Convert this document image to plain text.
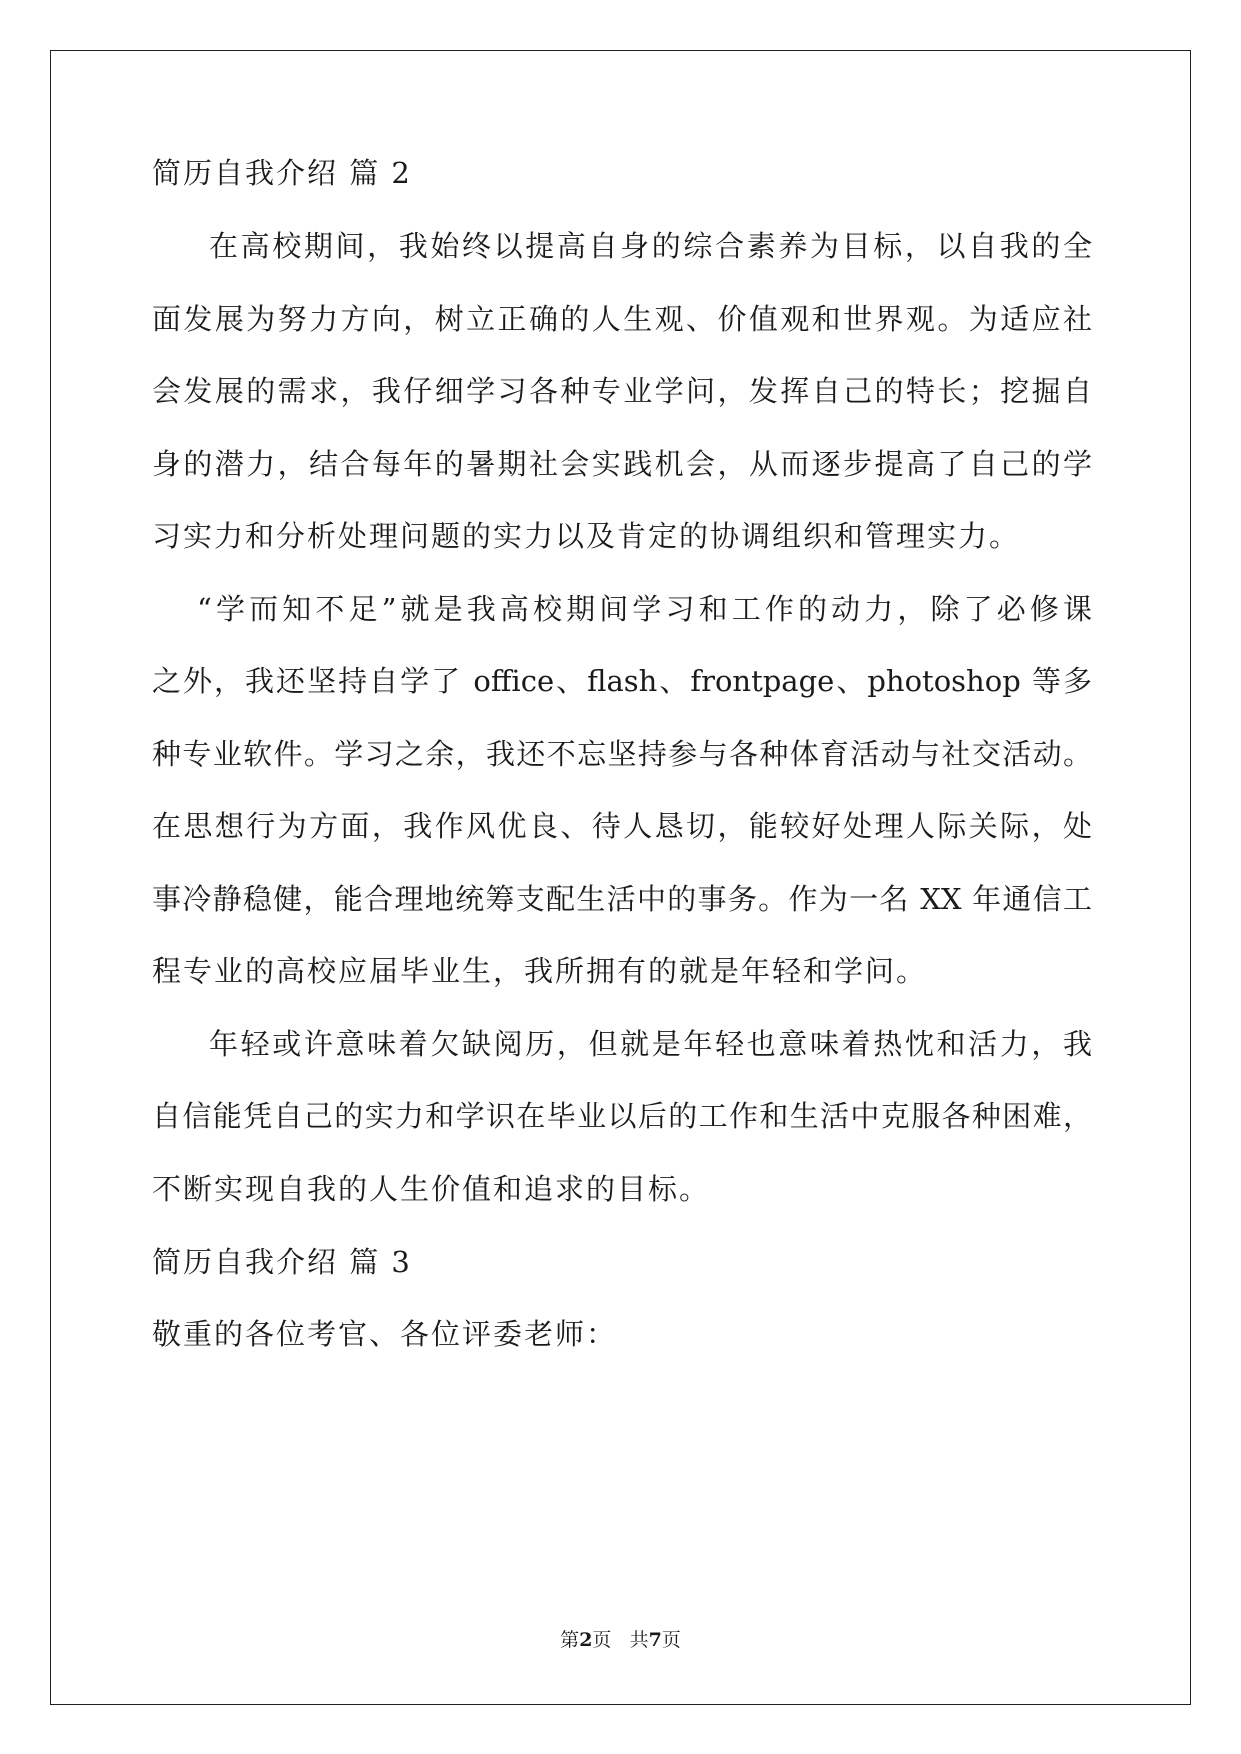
简历自我介绍 篇 2
在高校期间，我始终以提高自身的综合素养为目标，以自我的全
面发展为努力方向，树立正确的人生观、价值观和世界观。为适应社
会发展的需求，我仔细学习各种专业学问，发挥自己的特长；挖掘自
身的潜力，结合每年的暑期社会实践机会，从而逐步提高了自己的学
习实力和分析处理问题的实力以及肯定的协调组织和管理实力。
“学而知不足”就是我高校期间学习和工作的动力，除了必修课
之外，我还坚持自学了 office、flash、frontpage、photoshop 等多
种专业软件。学习之余，我还不忘坚持参与各种体育活动与社交活动。
在思想行为方面，我作风优良、待人恳切，能较好处理人际关际，处
事冷静稳健，能合理地统筹支配生活中的事务。作为一名 XX 年通信工
程专业的高校应届毕业生，我所拥有的就是年轻和学问。
年轻或许意味着欠缺阅历，但就是年轻也意味着热忱和活力，我
自信能凭自己的实力和学识在毕业以后的工作和生活中克服各种困难，
不断实现自我的人生价值和追求的目标。
简历自我介绍 篇 3
敬重的各位考官、各位评委老师：
第2页 共7页
